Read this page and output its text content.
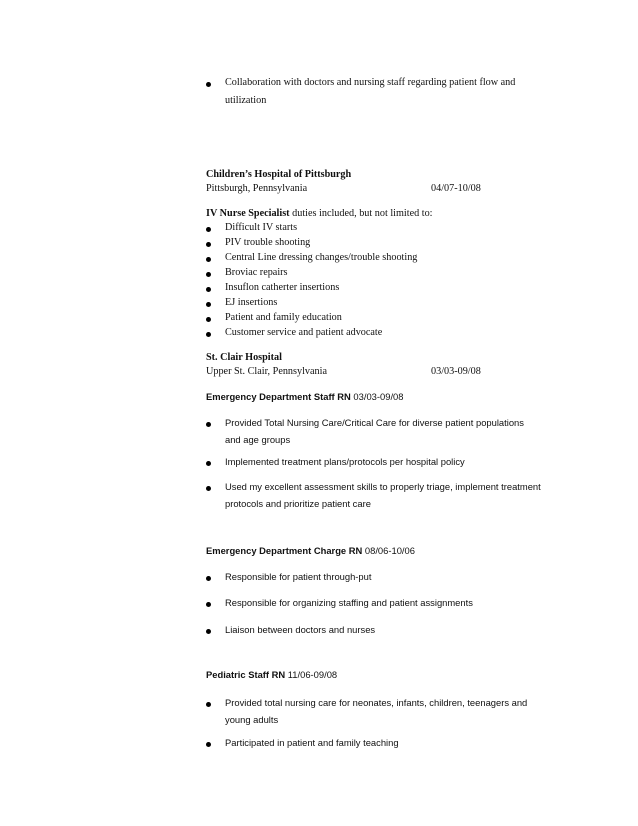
Collaboration with doctors and nursing staff regarding patient flow and
utilization
Children’s Hospital of Pittsburgh
Pittsburgh, Pennsylvania	04/07-10/08
IV Nurse Specialist duties included, but not limited to:
Difficult IV starts
PIV trouble shooting
Central Line dressing changes/trouble shooting
Broviac repairs
Insuflon catherter insertions
EJ insertions
Patient and family education
Customer service and patient advocate
St. Clair Hospital
Upper St. Clair, Pennsylvania	03/03-09/08
Emergency Department Staff RN 03/03-09/08
Emergency Department Charge RN 08/06-10/06
Pediatric Staff RN 11/06-09/08
Provided Total Nursing Care/Critical Care for diverse patient populations
and age groups
Implemented treatment plans/protocols per hospital policy
Used my excellent assessment skills to properly triage, implement treatment
protocols and prioritize patient care
Responsible for patient through-put
Responsible for organizing staffing and patient assignments
Liaison between doctors and nurses
Provided total nursing care for neonates, infants, children, teenagers and
young adults
Participated in patient and family teaching
